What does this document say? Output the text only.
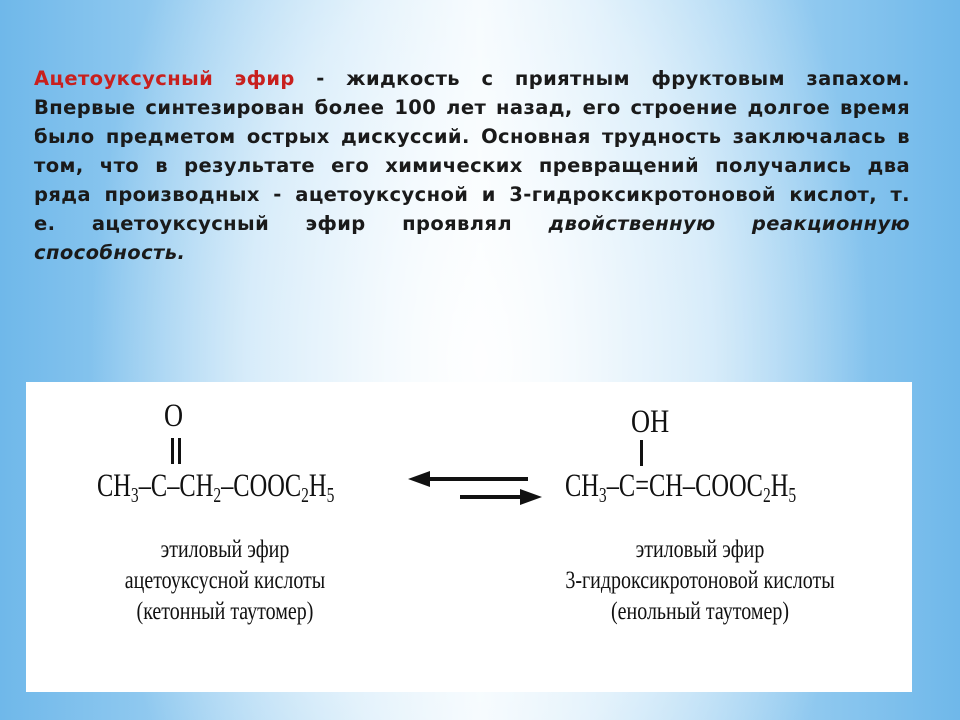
Ацетоуксусный эфир - жидкость с приятным фруктовым запахом. Впервые синтезирован более 100 лет назад, его строение долгое время было предметом острых дискуссий. Основная трудность заключалась в том, что в результате его химических превращений получались два ряда производных - ацетоуксусной и 3-гидроксикротоновой кислот, т. е. ацетоуксусный эфир проявлял двойственную реакционную способность.

O
$CH_3-C-CH_2-COOC_2H_5$
этиловый эфир
ацетоуксусной кислоты
(кетонный таутомер)
OH
$CH_3-C=CH-COOC_2H_5$
этиловый эфир
3-гидроксикротоновой кислоты
(енольный таутомер)
